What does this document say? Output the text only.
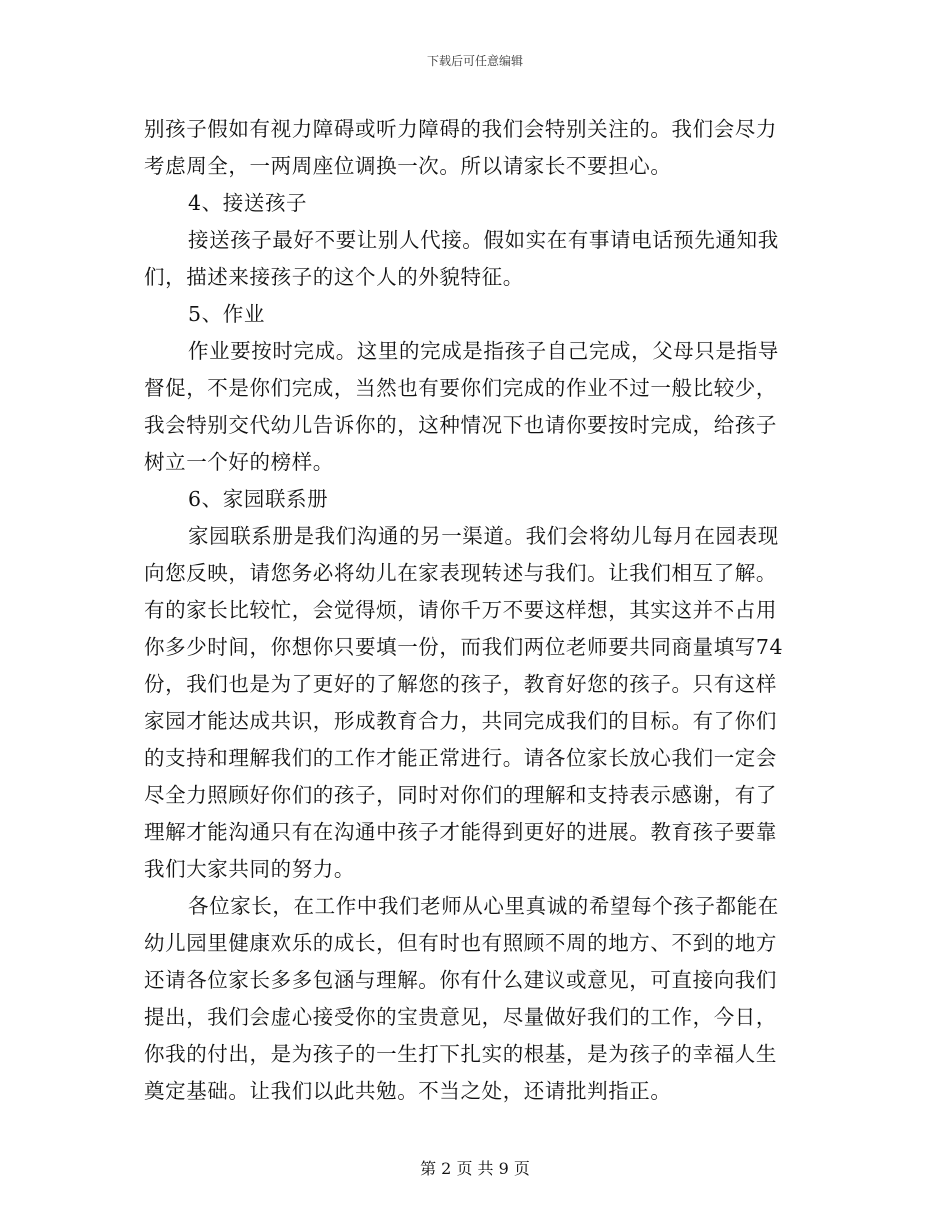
下载后可任意编辑
别孩子假如有视力障碍或听力障碍的我们会特别关注的。我们会尽力
考虑周全，一两周座位调换一次。所以请家长不要担心。
4、接送孩子
接送孩子最好不要让别人代接。假如实在有事请电话预先通知我
们，描述来接孩子的这个人的外貌特征。
5、作业
作业要按时完成。这里的完成是指孩子自己完成，父母只是指导
督促，不是你们完成，当然也有要你们完成的作业不过一般比较少，
我会特别交代幼儿告诉你的，这种情况下也请你要按时完成，给孩子
树立一个好的榜样。
6、家园联系册
家园联系册是我们沟通的另一渠道。我们会将幼儿每月在园表现
向您反映，请您务必将幼儿在家表现转述与我们。让我们相互了解。
有的家长比较忙，会觉得烦，请你千万不要这样想，其实这并不占用
你多少时间，你想你只要填一份，而我们两位老师要共同商量填写74
份，我们也是为了更好的了解您的孩子，教育好您的孩子。只有这样
家园才能达成共识，形成教育合力，共同完成我们的目标。有了你们
的支持和理解我们的工作才能正常进行。请各位家长放心我们一定会
尽全力照顾好你们的孩子，同时对你们的理解和支持表示感谢，有了
理解才能沟通只有在沟通中孩子才能得到更好的进展。教育孩子要靠
我们大家共同的努力。
各位家长，在工作中我们老师从心里真诚的希望每个孩子都能在
幼儿园里健康欢乐的成长，但有时也有照顾不周的地方、不到的地方
还请各位家长多多包涵与理解。你有什么建议或意见，可直接向我们
提出，我们会虚心接受你的宝贵意见，尽量做好我们的工作，今日，
你我的付出，是为孩子的一生打下扎实的根基，是为孩子的幸福人生
奠定基础。让我们以此共勉。不当之处，还请批判指正。
第 2 页 共 9 页
